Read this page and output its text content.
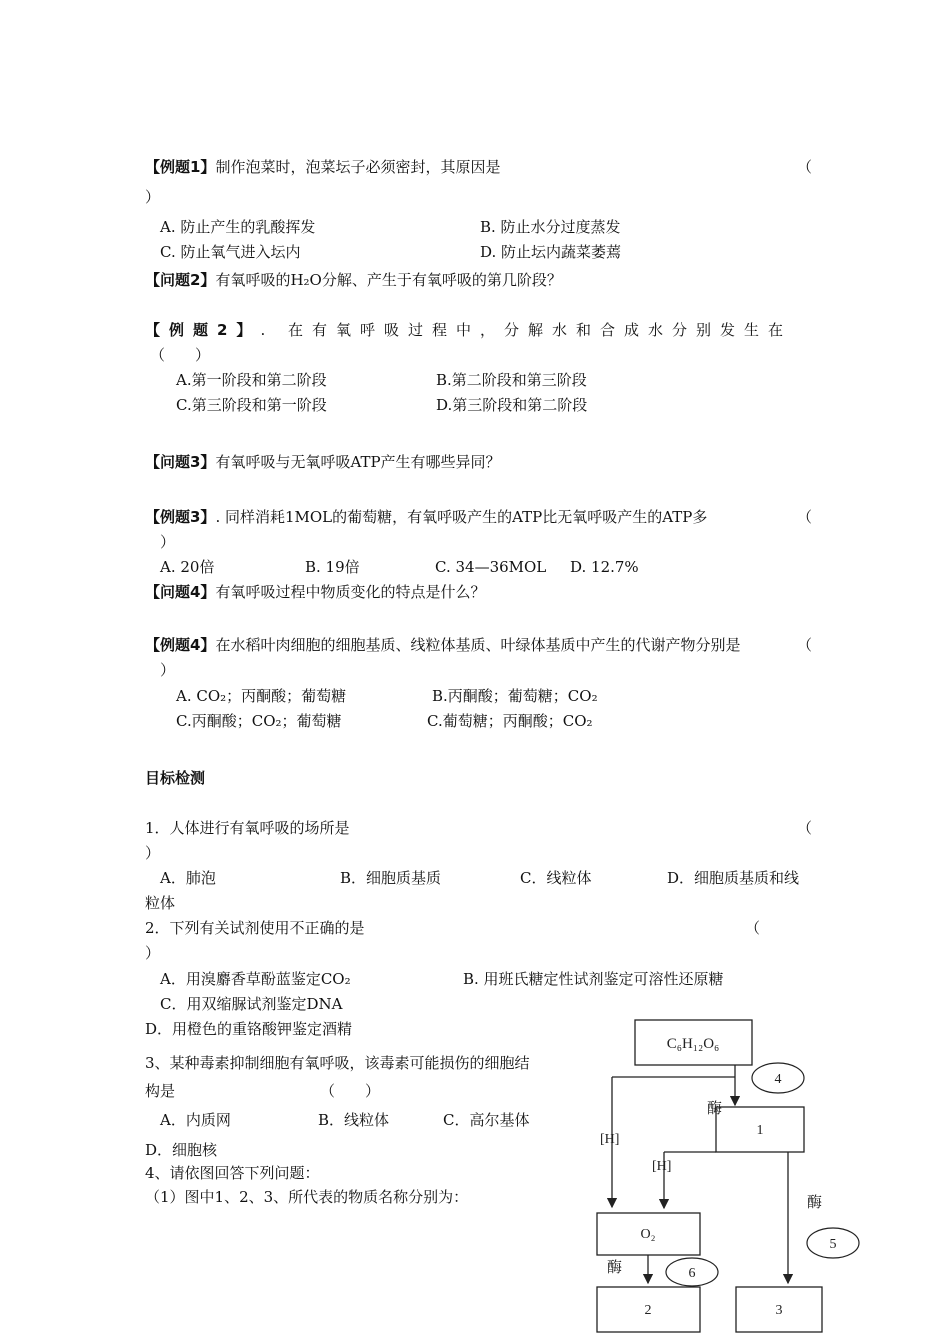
【例题1】制作泡菜时，泡菜坛子必须密封，其原因是	（
）
A. 防止产生的乳酸挥发	B. 防止水分过度蒸发
C. 防止氧气进入坛内	D. 防止坛内蔬菜萎蔫
【问题2】有氧呼吸的H₂O分解、产生于有氧呼吸的第几阶段？
【例题2】. 在有氧呼吸过程中，分解水和合成水分别发生在
（　　）
A.第一阶段和第二阶段	B.第二阶段和第三阶段
C.第三阶段和第一阶段	D.第三阶段和第二阶段
【问题3】有氧呼吸与无氧呼吸ATP产生有哪些异同？
【例题3】. 同样消耗1MOL的葡萄糖，有氧呼吸产生的ATP比无氧呼吸产生的ATP多	（
）
A. 20倍	B. 19倍	C. 34—36MOL D. 12.7%
【问题4】有氧呼吸过程中物质变化的特点是什么？
【例题4】在水稻叶肉细胞的细胞基质、线粒体基质、叶绿体基质中产生的代谢产物分别是	（
）
A. CO₂；丙酮酸；葡萄糖	B.丙酮酸；葡萄糖；CO₂
C.丙酮酸；CO₂；葡萄糖	C.葡萄糖；丙酮酸；CO₂
目标检测
1．人体进行有氧呼吸的场所是	（
）
A．肺泡	B．细胞质基质	C．线粒体	D．细胞质基质和线
粒体
2．下列有关试剂使用不正确的是	（
）
A．用溴麝香草酚蓝鉴定CO₂	B. 用班氏糖定性试剂鉴定可溶性还原糖
C．用双缩脲试剂鉴定DNA
D．用橙色的重铬酸钾鉴定酒精
3、某种毒素抑制细胞有氧呼吸，该毒素可能损伤的细胞结
构是	（　　）
A．内质网	B．线粒体	C．高尔基体
D．细胞核
4、请依图回答下列问题：
（1）图中1、2、3、所代表的物质名称分别为：
C₆H₁₂O₆
4
酶
1
[H]
[H]
酶
5
O₂
酶	6
2	3
